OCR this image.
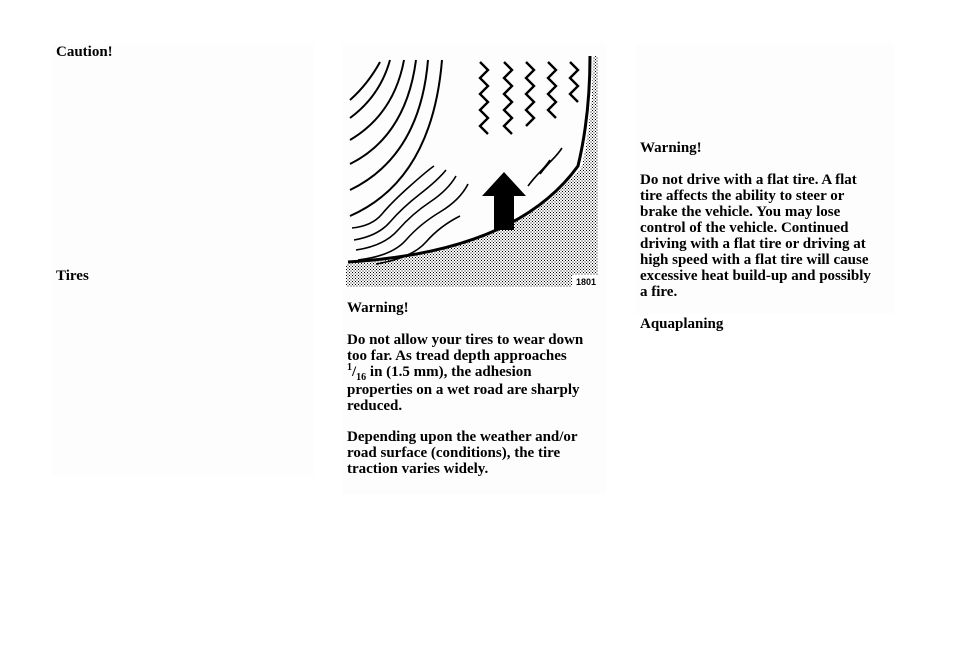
Caution!
Tires	1801
Warning!
Do not allow your tires to wear down
too far. As tread depth approaches
$^1/_{16}$ in (1.5 mm), the adhesion
properties on a wet road are sharply
reduced.
Depending upon the weather and/or
road surface (conditions), the tire
traction varies widely.
Warning!
Do not drive with a flat tire. A flat
tire affects the ability to steer or
brake the vehicle. You may lose
control of the vehicle. Continued
driving with a flat tire or driving at
high speed with a flat tire will cause
excessive heat build-up and possibly
a fire.
Aquaplaning
